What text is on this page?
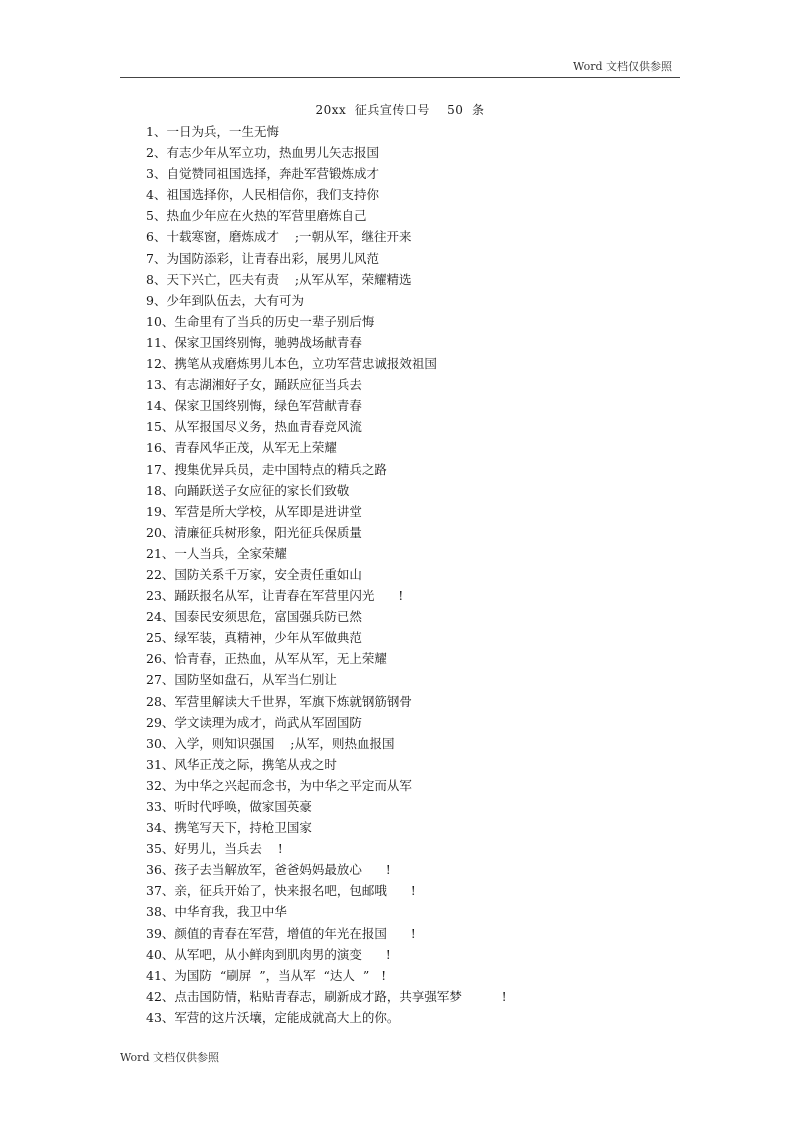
Word 文档仅供参照
20xx  征兵宣传口号    50  条
1、一日为兵，一生无悔
2、有志少年从军立功，热血男儿矢志报国
3、自觉赞同祖国选择，奔赴军营锻炼成才
4、祖国选择你，人民相信你，我们支持你
5、热血少年应在火热的军营里磨炼自己
6、十载寒窗，磨炼成才    ;一朝从军，继往开来
7、为国防添彩，让青春出彩，展男儿风范
8、天下兴亡，匹夫有责    ;从军从军，荣耀精选
9、少年到队伍去，大有可为
10、生命里有了当兵的历史一辈子别后悔
11、保家卫国终别悔，驰骋战场献青春
12、携笔从戎磨炼男儿本色，立功军营忠诚报效祖国
13、有志湖湘好子女，踊跃应征当兵去
14、保家卫国终别悔，绿色军营献青春
15、从军报国尽义务，热血青春竞风流
16、青春风华正茂，从军无上荣耀
17、搜集优异兵员，走中国特点的精兵之路
18、向踊跃送子女应征的家长们致敬
19、军营是所大学校，从军即是进讲堂
20、清廉征兵树形象，阳光征兵保质量
21、一人当兵，全家荣耀
22、国防关系千万家，安全责任重如山
23、踊跃报名从军，让青春在军营里闪光      !
24、国泰民安须思危，富国强兵防已然
25、绿军装，真精神，少年从军做典范
26、恰青春，正热血，从军从军，无上荣耀
27、国防坚如盘石，从军当仁别让
28、军营里解读大千世界，军旗下炼就钢筋钢骨
29、学文读理为成才，尚武从军固国防
30、入学，则知识强国    ;从军，则热血报国
31、风华正茂之际，携笔从戎之时
32、为中华之兴起而念书，为中华之平定而从军
33、听时代呼唤，做家国英豪
34、携笔写天下，持枪卫国家
35、好男儿，当兵去    !
36、孩子去当解放军，爸爸妈妈最放心      !
37、亲，征兵开始了，快来报名吧，包邮哦      !
38、中华育我，我卫中华
39、颜值的青春在军营，增值的年光在报国      !
40、从军吧，从小鲜肉到肌肉男的演变      !
41、为国防  “刷屏  ”，当从军  “达人  ”   !
42、点击国防情，粘贴青春志，刷新成才路，共享强军梦          !
43、军营的这片沃壤，定能成就高大上的你。
Word 文档仅供参照
